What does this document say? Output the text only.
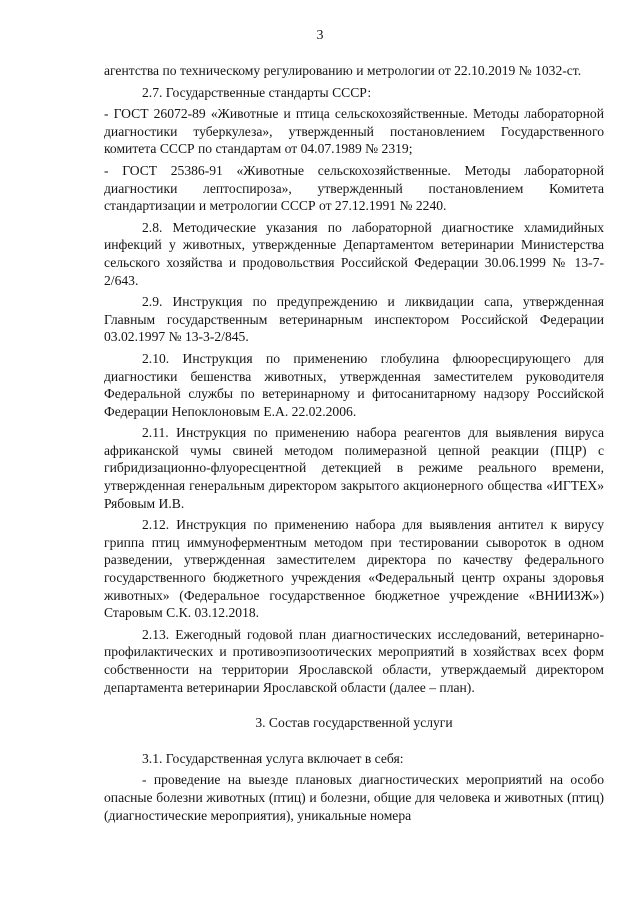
3

агентства по техническому регулированию и метрологии от 22.10.2019 № 1032-ст.

2.7. Государственные стандарты СССР:

- ГОСТ 26072-89 «Животные и птица сельскохозяйственные. Методы лабораторной диагностики туберкулеза», утвержденный постановлением Государственного комитета СССР по стандартам от 04.07.1989 № 2319;

- ГОСТ 25386-91 «Животные сельскохозяйственные. Методы лабораторной диагностики лептоспироза», утвержденный постановлением Комитета стандартизации и метрологии СССР от 27.12.1991 № 2240.

2.8. Методические указания по лабораторной диагностике хламидийных инфекций у животных, утвержденные Департаментом ветеринарии Министерства сельского хозяйства и продовольствия Российской Федерации 30.06.1999 № 13-7-2/643.

2.9. Инструкция по предупреждению и ликвидации сапа, утвержденная Главным государственным ветеринарным инспектором Российской Федерации 03.02.1997 № 13-3-2/845.

2.10. Инструкция по применению глобулина флюоресцирующего для диагностики бешенства животных, утвержденная заместителем руководителя Федеральной службы по ветеринарному и фитосанитарному надзору Российской Федерации Непоклоновым Е.А. 22.02.2006.

2.11. Инструкция по применению набора реагентов для выявления вируса африканской чумы свиней методом полимеразной цепной реакции (ПЦР) с гибридизационно-флуоресцентной детекцией в режиме реального времени, утвержденная генеральным директором закрытого акционерного общества «ИГТЕХ» Рябовым И.В.

2.12. Инструкция по применению набора для выявления антител к вирусу гриппа птиц иммуноферментным методом при тестировании сывороток в одном разведении, утвержденная заместителем директора по качеству федерального государственного бюджетного учреждения «Федеральный центр охраны здоровья животных» (Федеральное государственное бюджетное учреждение «ВНИИЗЖ») Старовым С.К. 03.12.2018.

2.13. Ежегодный годовой план диагностических исследований, ветеринарно-профилактических и противоэпизоотических мероприятий в хозяйствах всех форм собственности на территории Ярославской области, утверждаемый директором департамента ветеринарии Ярославской области (далее – план).

3. Состав государственной услуги

3.1. Государственная услуга включает в себя:

- проведение на выезде плановых диагностических мероприятий на особо опасные болезни животных (птиц) и болезни, общие для человека и животных (птиц) (диагностические мероприятия), уникальные номера
